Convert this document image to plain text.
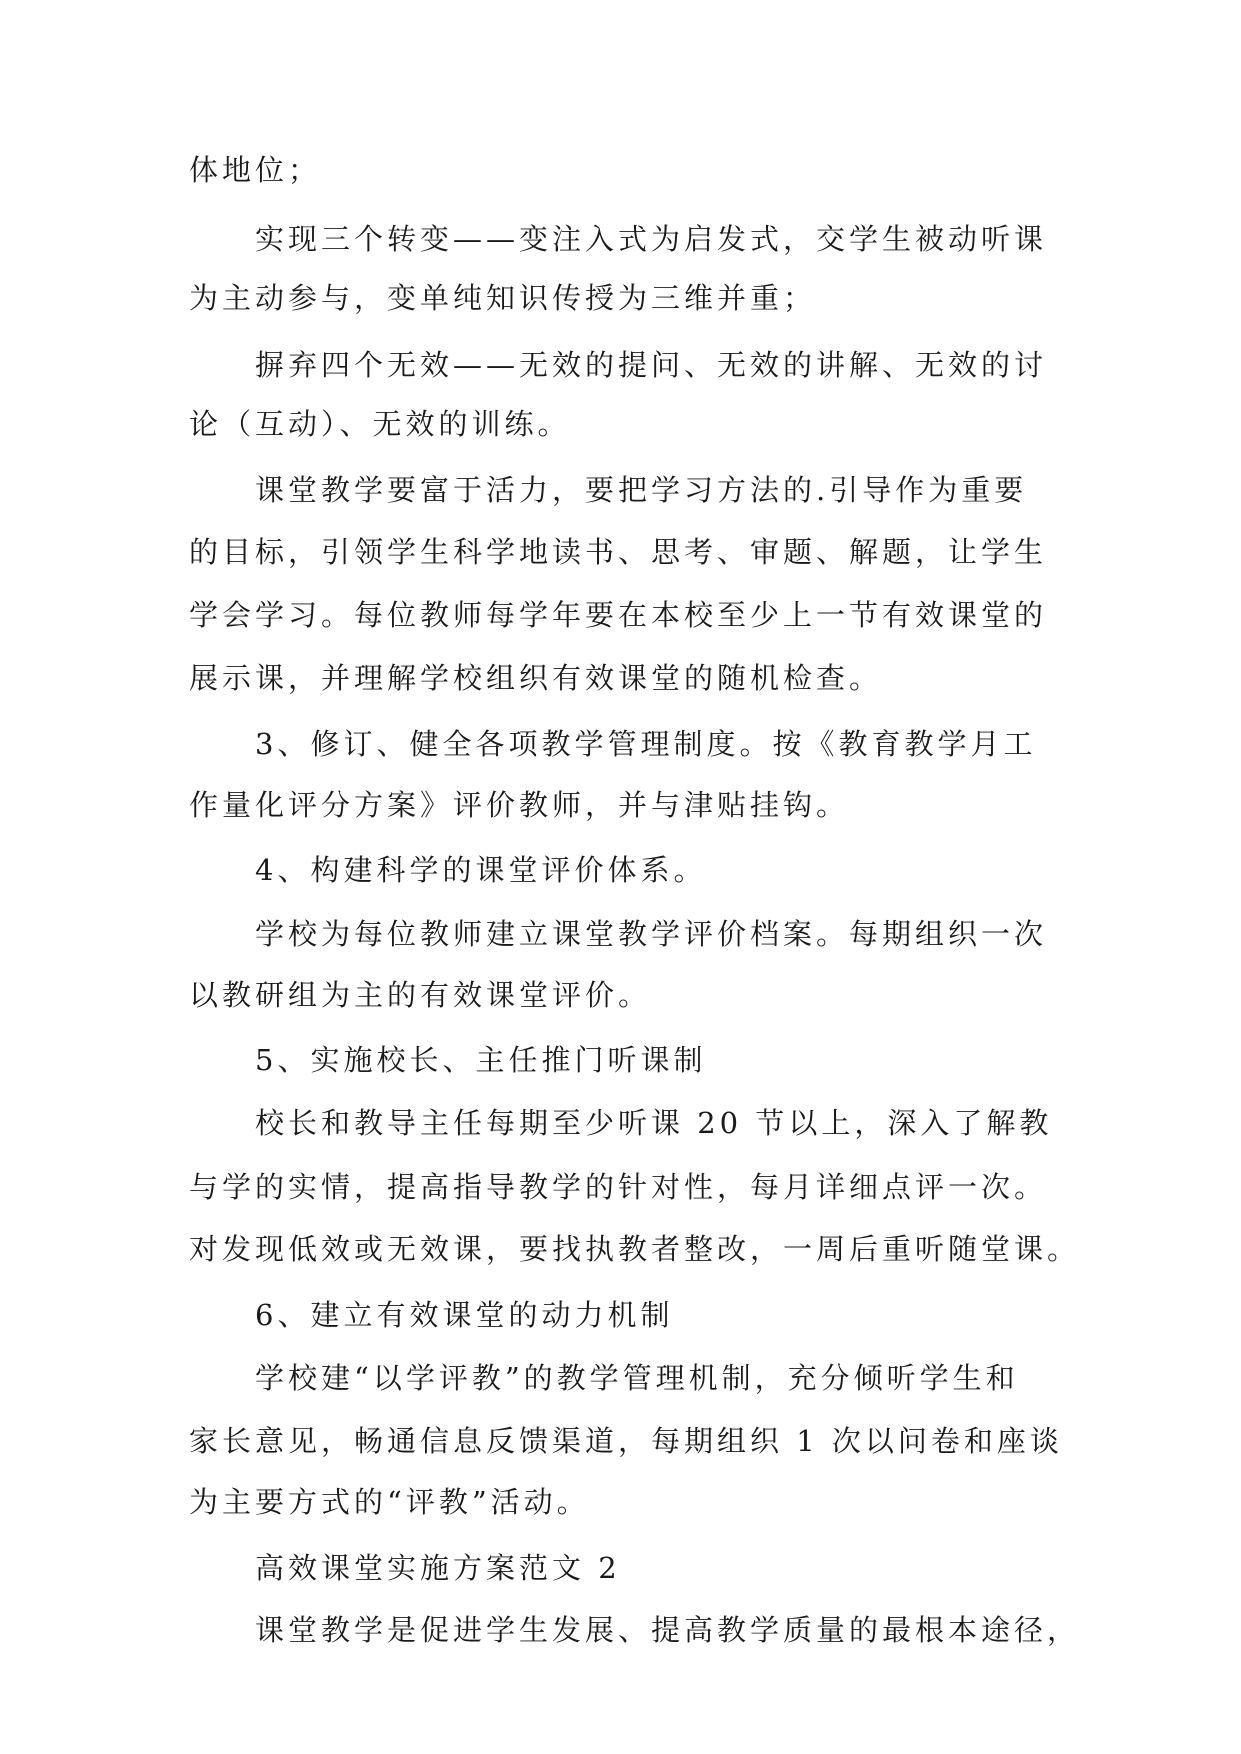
体地位；
实现三个转变——变注入式为启发式，交学生被动听课
为主动参与，变单纯知识传授为三维并重；
摒弃四个无效——无效的提问、无效的讲解、无效的讨
论（互动）、无效的训练。
课堂教学要富于活力，要把学习方法的.引导作为重要
的目标，引领学生科学地读书、思考、审题、解题，让学生
学会学习。每位教师每学年要在本校至少上一节有效课堂的
展示课，并理解学校组织有效课堂的随机检查。
3、修订、健全各项教学管理制度。按《教育教学月工
作量化评分方案》评价教师，并与津贴挂钩。
4、构建科学的课堂评价体系。
学校为每位教师建立课堂教学评价档案。每期组织一次
以教研组为主的有效课堂评价。
5、实施校长、主任推门听课制
校长和教导主任每期至少听课 20 节以上，深入了解教
与学的实情，提高指导教学的针对性，每月详细点评一次。
对发现低效或无效课，要找执教者整改，一周后重听随堂课。
6、建立有效课堂的动力机制
学校建“以学评教”的教学管理机制，充分倾听学生和
家长意见，畅通信息反馈渠道，每期组织 1 次以问卷和座谈
为主要方式的“评教”活动。
高效课堂实施方案范文 2
课堂教学是促进学生发展、提高教学质量的最根本途径，
